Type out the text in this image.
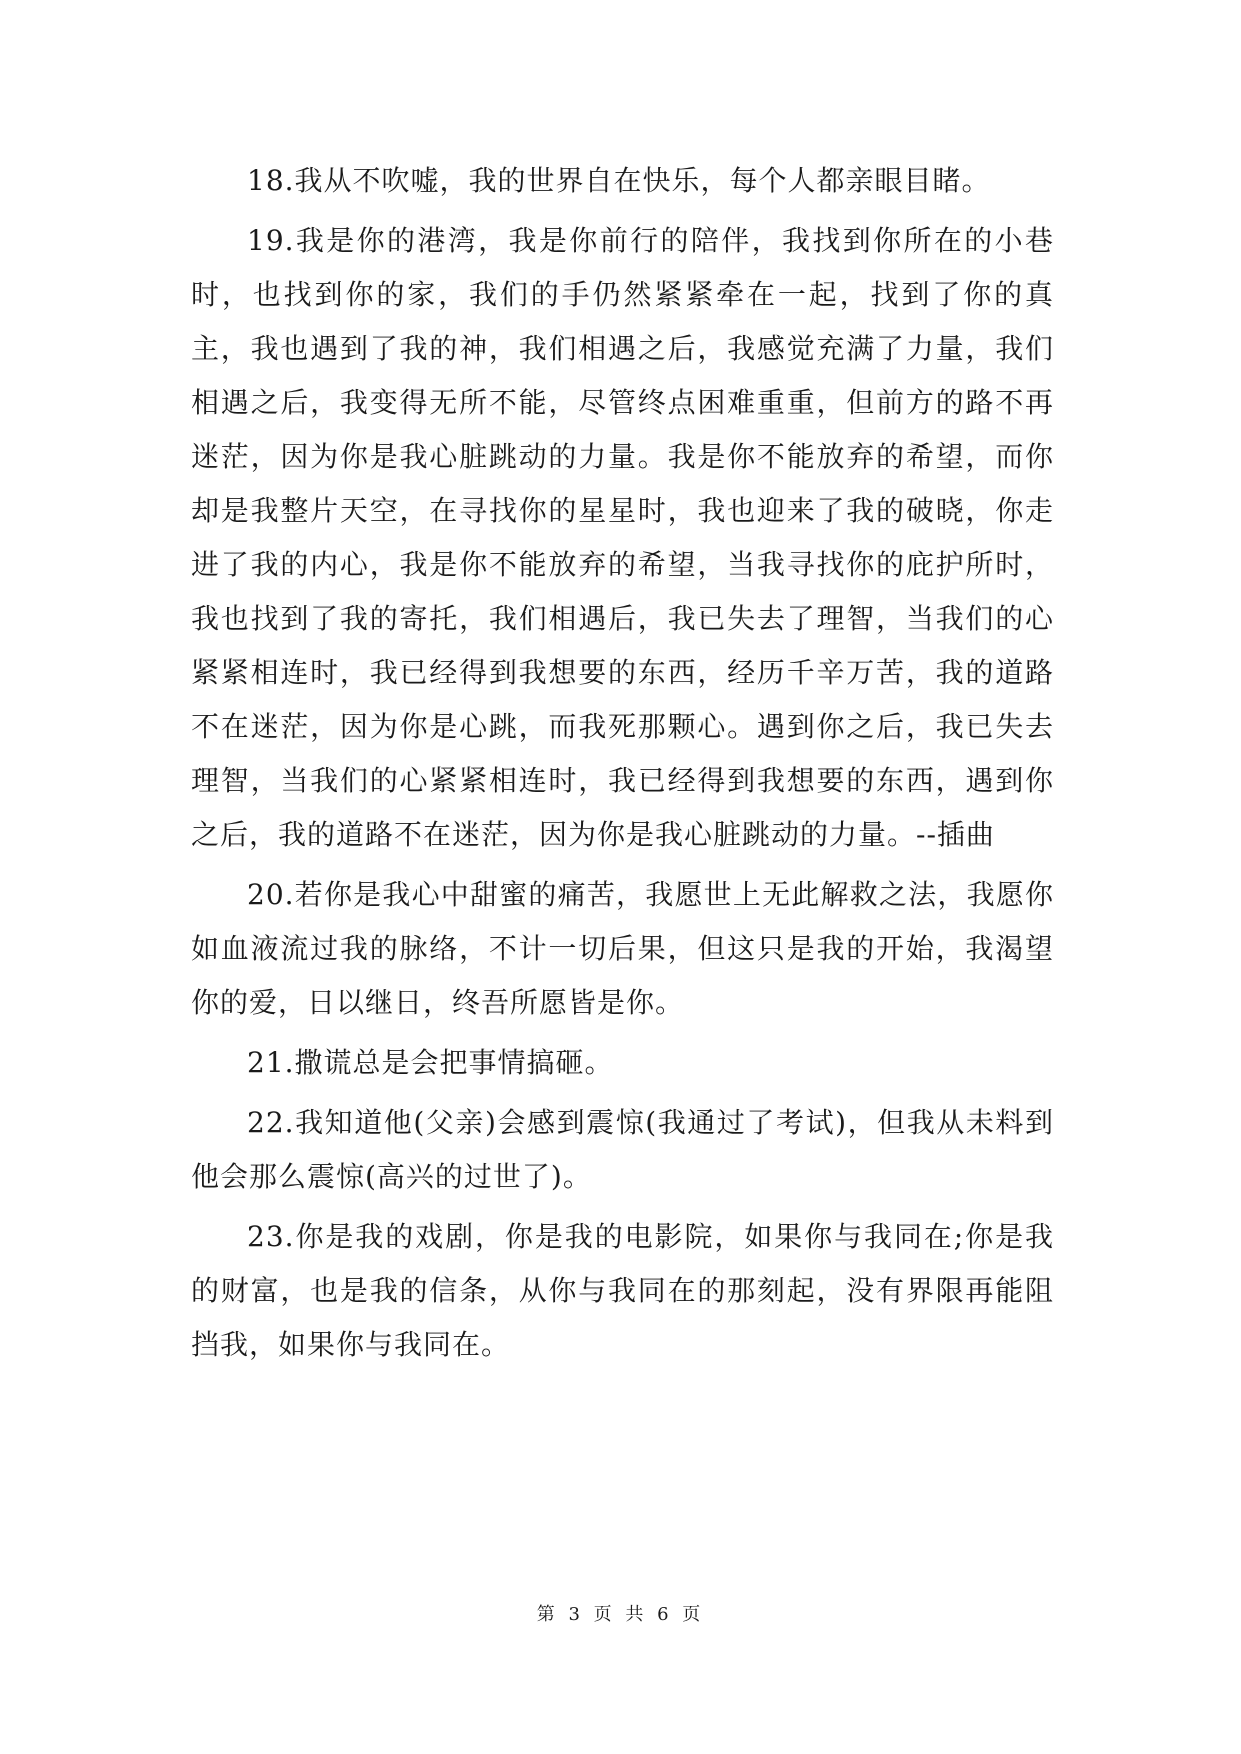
18.我从不吹嘘，我的世界自在快乐，每个人都亲眼目睹。

19.我是你的港湾，我是你前行的陪伴，我找到你所在的小巷时，也找到你的家，我们的手仍然紧紧牵在一起，找到了你的真主，我也遇到了我的神，我们相遇之后，我感觉充满了力量，我们相遇之后，我变得无所不能，尽管终点困难重重，但前方的路不再迷茫，因为你是我心脏跳动的力量。我是你不能放弃的希望，而你却是我整片天空，在寻找你的星星时，我也迎来了我的破晓，你走进了我的内心，我是你不能放弃的希望，当我寻找你的庇护所时，我也找到了我的寄托，我们相遇后，我已失去了理智，当我们的心紧紧相连时，我已经得到我想要的东西，经历千辛万苦，我的道路不在迷茫，因为你是心跳，而我死那颗心。遇到你之后，我已失去理智，当我们的心紧紧相连时，我已经得到我想要的东西，遇到你之后，我的道路不在迷茫，因为你是我心脏跳动的力量。--插曲

20.若你是我心中甜蜜的痛苦，我愿世上无此解救之法，我愿你如血液流过我的脉络，不计一切后果，但这只是我的开始，我渴望你的爱，日以继日，终吾所愿皆是你。

21.撒谎总是会把事情搞砸。

22.我知道他(父亲)会感到震惊(我通过了考试)，但我从未料到他会那么震惊(高兴的过世了)。

23.你是我的戏剧，你是我的电影院，如果你与我同在;你是我的财富，也是我的信条，从你与我同在的那刻起，没有界限再能阻挡我，如果你与我同在。

第 3 页 共 6 页
